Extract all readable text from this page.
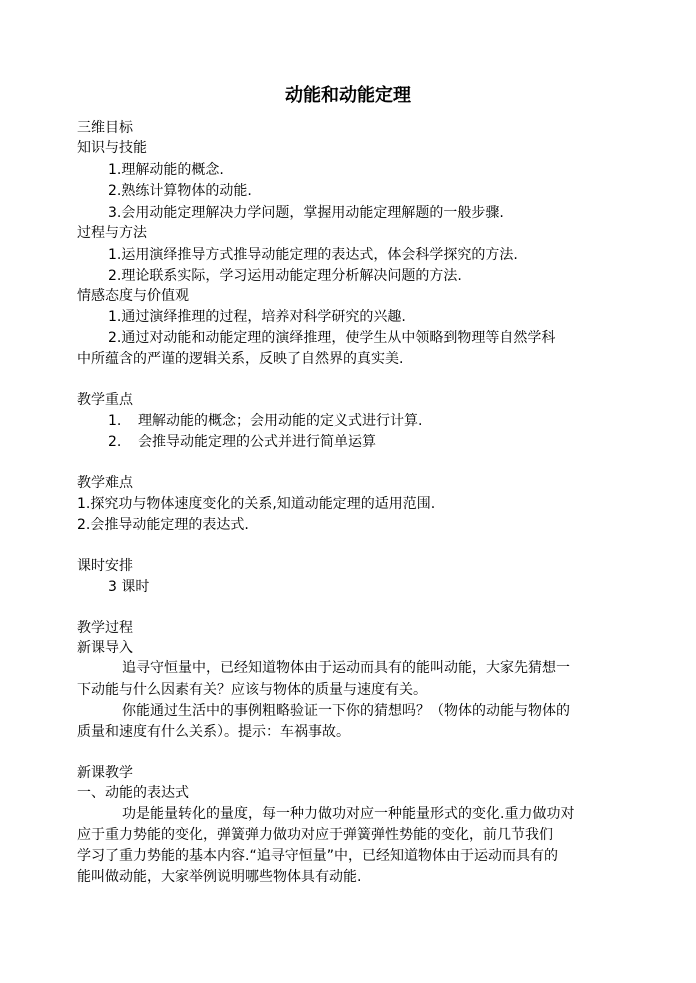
动能和动能定理
三维目标
知识与技能
1.理解动能的概念.
2.熟练计算物体的动能.
3.会用动能定理解决力学问题，掌握用动能定理解题的一般步骤.
过程与方法
1.运用演绎推导方式推导动能定理的表达式，体会科学探究的方法.
2.理论联系实际，学习运用动能定理分析解决问题的方法.
情感态度与价值观
1.通过演绎推理的过程，培养对科学研究的兴趣.
2.通过对动能和动能定理的演绎推理，使学生从中领略到物理等自然学科
中所蕴含的严谨的逻辑关系，反映了自然界的真实美.
教学重点
1. 理解动能的概念；会用动能的定义式进行计算.
2. 会推导动能定理的公式并进行简单运算
教学难点
1.探究功与物体速度变化的关系,知道动能定理的适用范围.
2.会推导动能定理的表达式.
课时安排
3 课时
教学过程
新课导入
追寻守恒量中，已经知道物体由于运动而具有的能叫动能，大家先猜想一
下动能与什么因素有关？应该与物体的质量与速度有关。
你能通过生活中的事例粗略验证一下你的猜想吗？（物体的动能与物体的
质量和速度有什么关系）。提示：车祸事故。
新课教学
一、动能的表达式
功是能量转化的量度，每一种力做功对应一种能量形式的变化.重力做功对
应于重力势能的变化，弹簧弹力做功对应于弹簧弹性势能的变化，前几节我们
学习了重力势能的基本内容.“追寻守恒量”中，已经知道物体由于运动而具有的
能叫做动能，大家举例说明哪些物体具有动能.
